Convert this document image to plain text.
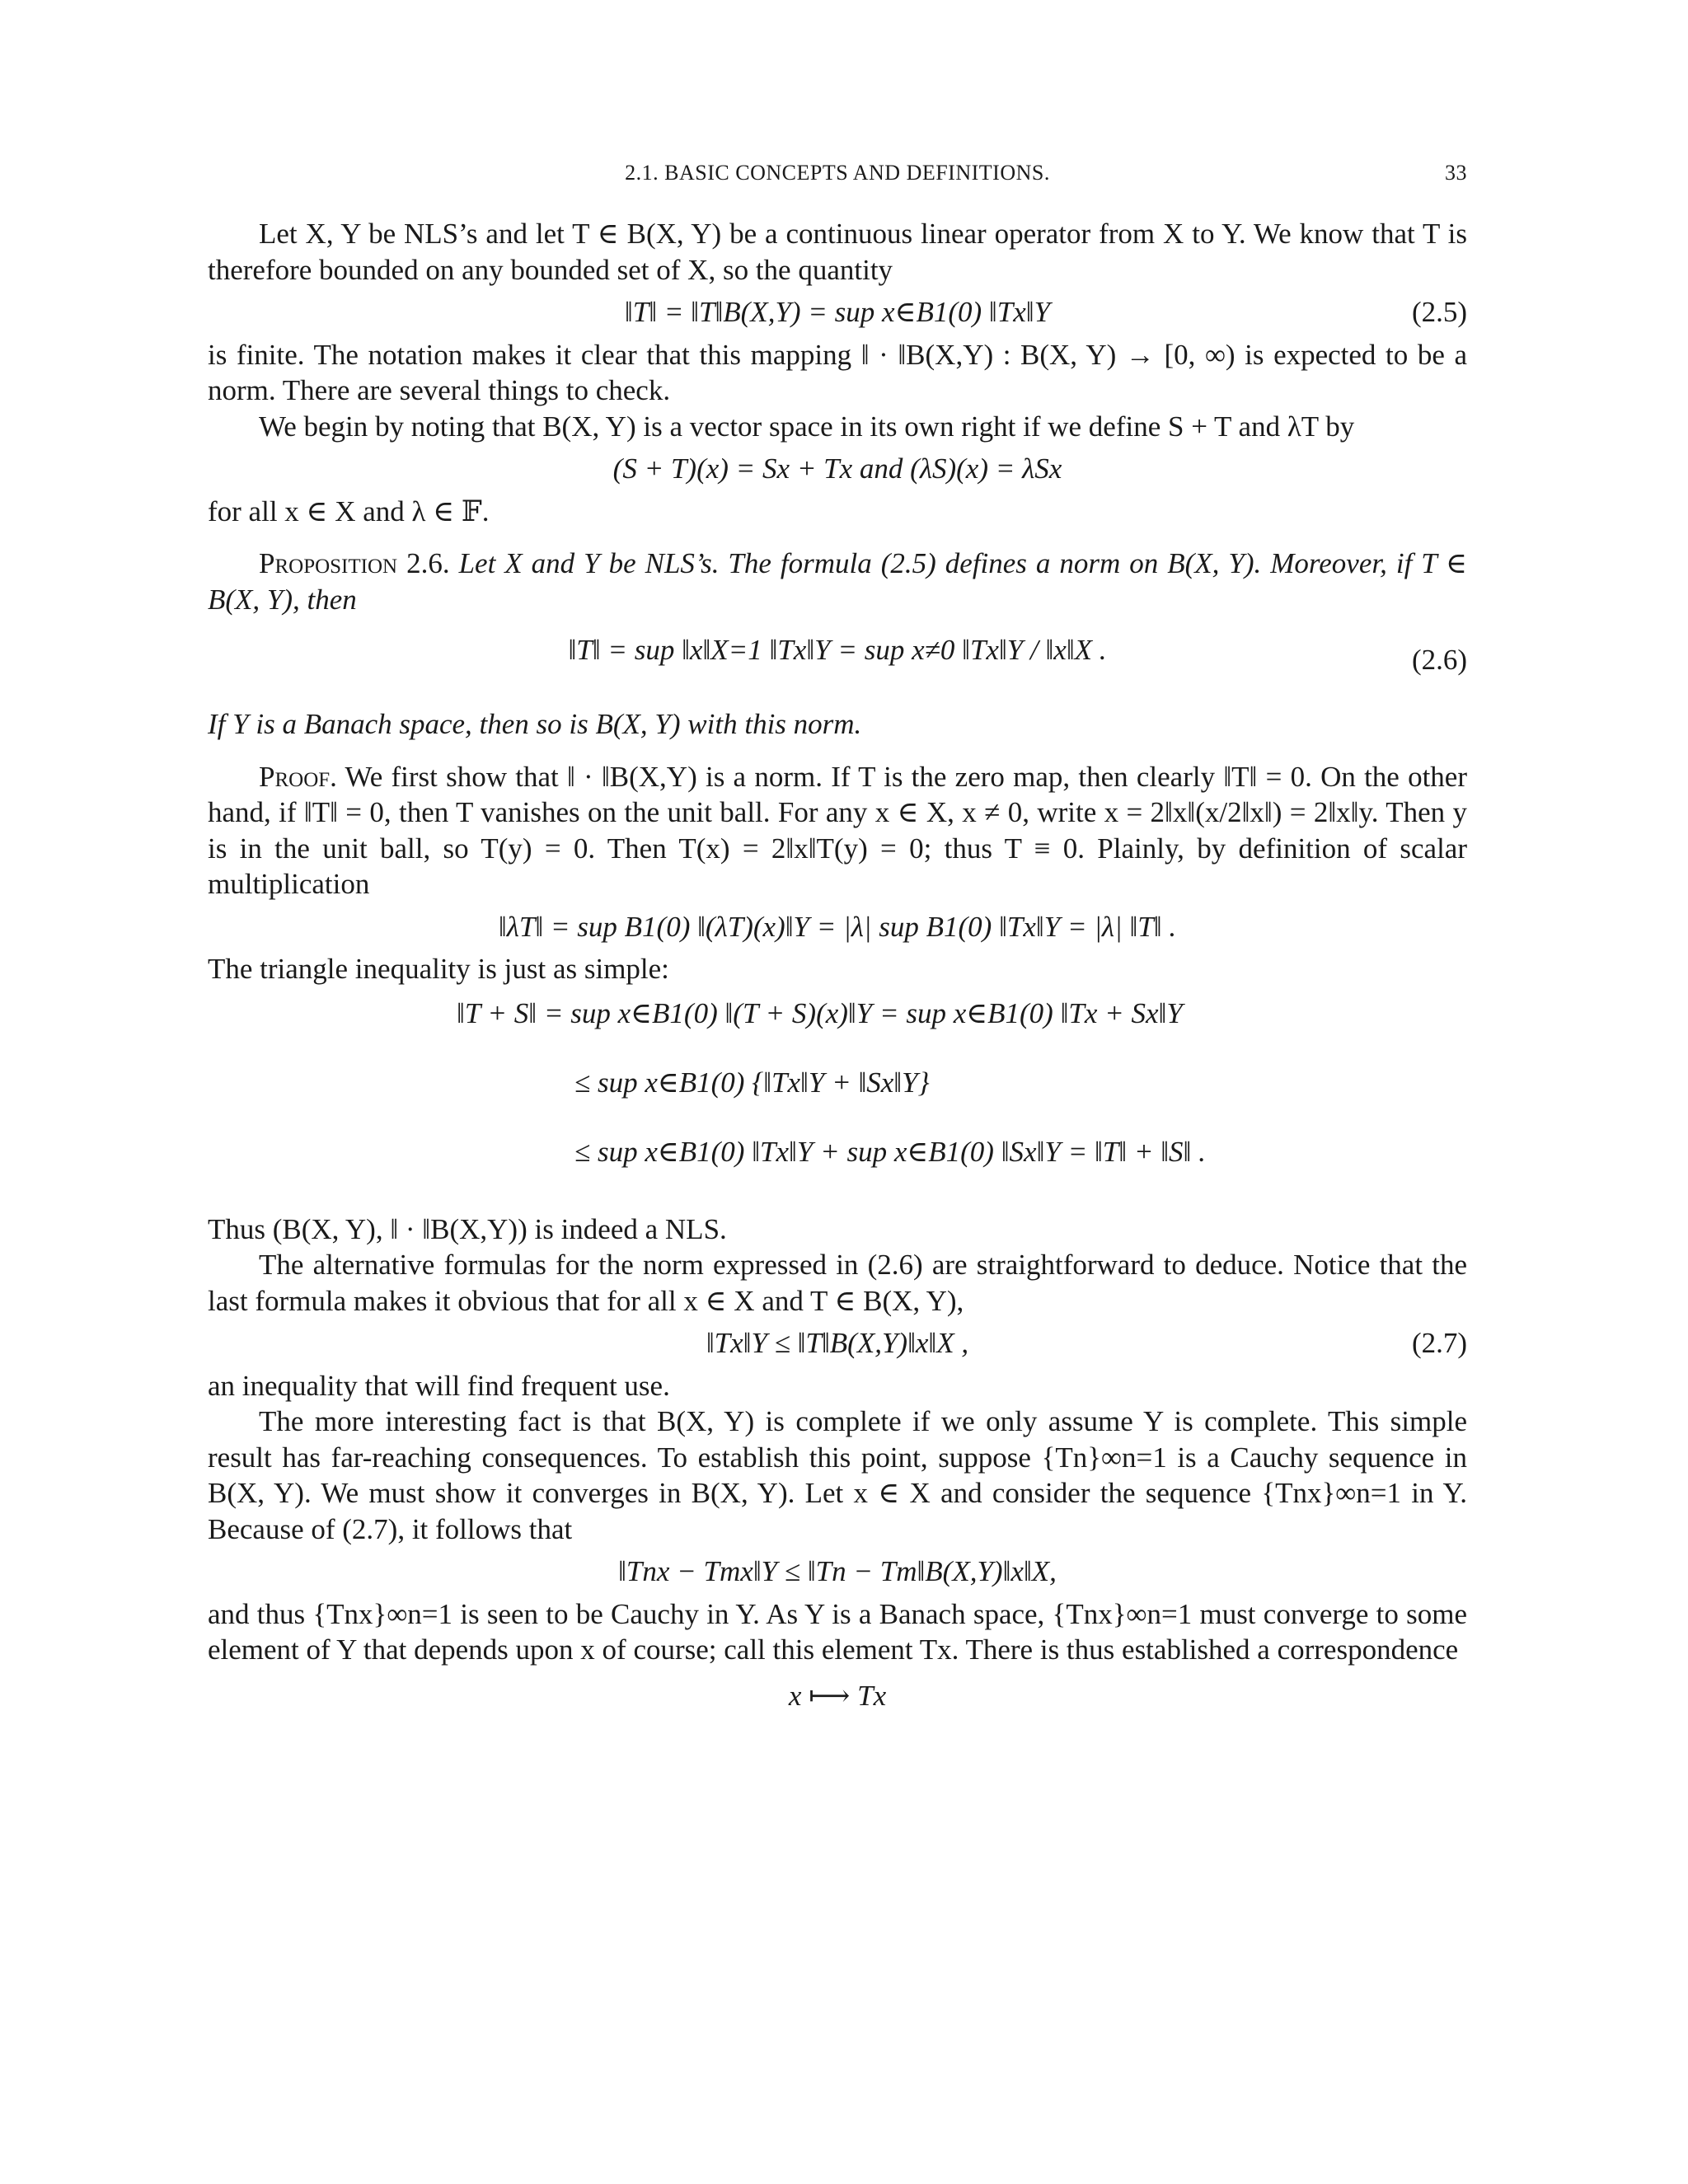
2.1. BASIC CONCEPTS AND DEFINITIONS.	33

Let X, Y be NLS’s and let T ∈ B(X, Y) be a continuous linear operator from X to Y. We know that T is therefore bounded on any bounded set of X, so the quantity

‖T‖ = ‖T‖B(X,Y) = sup x∈B1(0) ‖Tx‖Y	(2.5)

is finite. The notation makes it clear that this mapping ‖ · ‖B(X,Y) : B(X, Y) → [0, ∞) is expected to be a norm. There are several things to check.

We begin by noting that B(X, Y) is a vector space in its own right if we define S + T and λT by

(S + T)(x) = Sx + Tx and (λS)(x) = λSx

for all x ∈ X and λ ∈ 𝔽.

Proposition 2.6. Let X and Y be NLS’s. The formula (2.5) defines a norm on B(X, Y). Moreover, if T ∈ B(X, Y), then

‖T‖ = sup ‖x‖X=1 ‖Tx‖Y = sup x≠0 ‖Tx‖Y / ‖x‖X .	(2.6)

If Y is a Banach space, then so is B(X, Y) with this norm.

Proof. We first show that ‖ · ‖B(X,Y) is a norm. If T is the zero map, then clearly ‖T‖ = 0. On the other hand, if ‖T‖ = 0, then T vanishes on the unit ball. For any x ∈ X, x ≠ 0, write x = 2‖x‖(x/2‖x‖) = 2‖x‖y. Then y is in the unit ball, so T(y) = 0. Then T(x) = 2‖x‖T(y) = 0; thus T ≡ 0. Plainly, by definition of scalar multiplication

‖λT‖ = sup B1(0) ‖(λT)(x)‖Y = |λ| sup B1(0) ‖Tx‖Y = |λ| ‖T‖ .

The triangle inequality is just as simple:

‖T + S‖ = sup x∈B1(0) ‖(T + S)(x)‖Y = sup x∈B1(0) ‖Tx + Sx‖Y
≤ sup x∈B1(0) {‖Tx‖Y + ‖Sx‖Y}
≤ sup x∈B1(0) ‖Tx‖Y + sup x∈B1(0) ‖Sx‖Y = ‖T‖ + ‖S‖ .

Thus (B(X, Y), ‖ · ‖B(X,Y)) is indeed a NLS.

The alternative formulas for the norm expressed in (2.6) are straightforward to deduce. Notice that the last formula makes it obvious that for all x ∈ X and T ∈ B(X, Y),

‖Tx‖Y ≤ ‖T‖B(X,Y)‖x‖X ,	(2.7)

an inequality that will find frequent use.

The more interesting fact is that B(X, Y) is complete if we only assume Y is complete. This simple result has far-reaching consequences. To establish this point, suppose {Tn}∞n=1 is a Cauchy sequence in B(X, Y). We must show it converges in B(X, Y). Let x ∈ X and consider the sequence {Tnx}∞n=1 in Y. Because of (2.7), it follows that

‖Tnx − Tmx‖Y ≤ ‖Tn − Tm‖B(X,Y)‖x‖X,

and thus {Tnx}∞n=1 is seen to be Cauchy in Y. As Y is a Banach space, {Tnx}∞n=1 must converge to some element of Y that depends upon x of course; call this element Tx. There is thus established a correspondence

x ⟼ Tx
